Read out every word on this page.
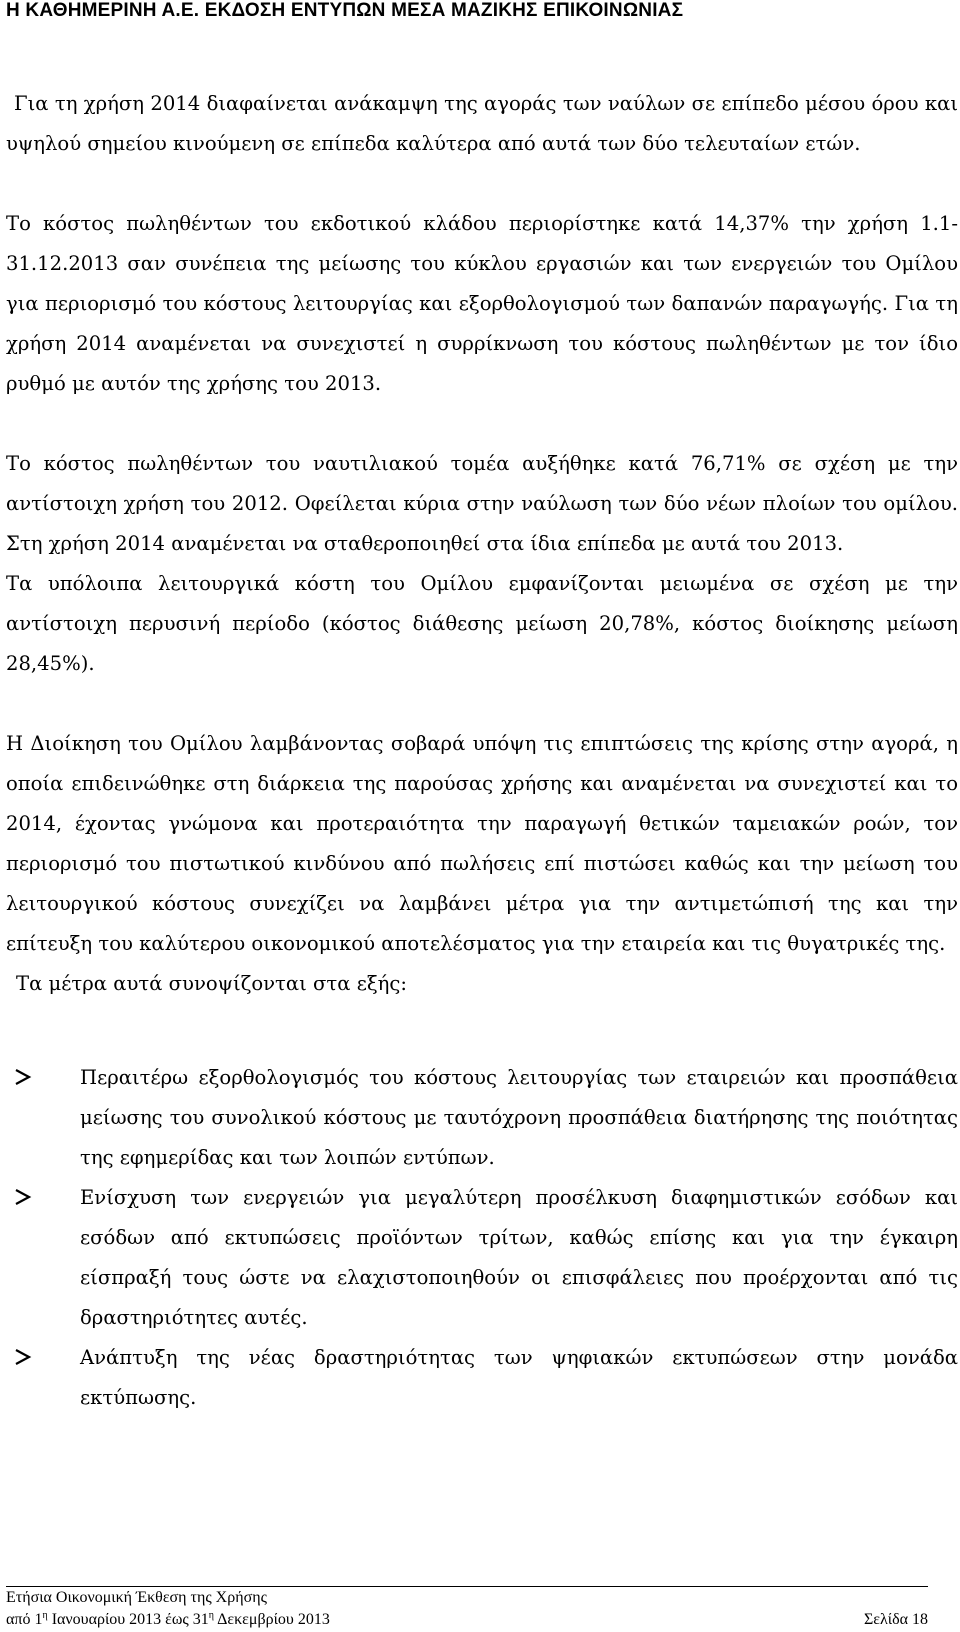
Η ΚΑΘΗΜΕΡΙΝΗ Α.Ε. ΕΚΔΟΣΗ ΕΝΤΥΠΩΝ ΜΕΣΑ ΜΑΖΙΚΗΣ ΕΠΙΚΟΙΝΩΝΙΑΣ

Για τη χρήση 2014 διαφαίνεται ανάκαμψη της αγοράς των ναύλων σε επίπεδο μέσου όρου και υψηλού σημείου κινούμενη σε επίπεδα καλύτερα από αυτά των δύο τελευταίων ετών.

Το κόστος πωληθέντων του εκδοτικού κλάδου περιορίστηκε κατά 14,37% την χρήση 1.1-31.12.2013 σαν συνέπεια της μείωσης του κύκλου εργασιών και των ενεργειών του Ομίλου για περιορισμό του κόστους λειτουργίας και εξορθολογισμού των δαπανών παραγωγής. Για τη χρήση 2014 αναμένεται να συνεχιστεί η συρρίκνωση του κόστους πωληθέντων με τον ίδιο ρυθμό με αυτόν της χρήσης του 2013.

Το κόστος πωληθέντων του ναυτιλιακού τομέα αυξήθηκε κατά 76,71% σε σχέση με την αντίστοιχη χρήση του 2012. Οφείλεται κύρια στην ναύλωση των δύο νέων πλοίων του ομίλου. Στη χρήση 2014 αναμένεται να σταθεροποιηθεί στα ίδια επίπεδα με αυτά του 2013.

Τα υπόλοιπα λειτουργικά κόστη του Ομίλου εμφανίζονται μειωμένα σε σχέση με την αντίστοιχη περυσινή περίοδο (κόστος διάθεσης μείωση 20,78%, κόστος διοίκησης μείωση 28,45%).

Η Διοίκηση του Ομίλου λαμβάνοντας σοβαρά υπόψη τις επιπτώσεις της κρίσης στην αγορά, η οποία επιδεινώθηκε στη διάρκεια της παρούσας χρήσης και αναμένεται να συνεχιστεί και το 2014, έχοντας γνώμονα και προτεραιότητα την παραγωγή θετικών ταμειακών ροών, τον περιορισμό του πιστωτικού κινδύνου από πωλήσεις επί πιστώσει καθώς και την μείωση του λειτουργικού κόστους συνεχίζει να λαμβάνει μέτρα για την αντιμετώπισή της και την επίτευξη του καλύτερου οικονομικού αποτελέσματος για την εταιρεία και τις θυγατρικές της.

Τα μέτρα αυτά συνοψίζονται στα εξής:

Περαιτέρω εξορθολογισμός του κόστους λειτουργίας των εταιρειών και προσπάθεια μείωσης του συνολικού κόστους με ταυτόχρονη προσπάθεια διατήρησης της ποιότητας της εφημερίδας και των λοιπών εντύπων.
Ενίσχυση των ενεργειών για μεγαλύτερη προσέλκυση διαφημιστικών εσόδων και εσόδων από εκτυπώσεις προϊόντων τρίτων, καθώς επίσης και για την έγκαιρη είσπραξή τους ώστε να ελαχιστοποιηθούν οι επισφάλειες που προέρχονται από τις δραστηριότητες αυτές.
Ανάπτυξη της νέας δραστηριότητας των ψηφιακών εκτυπώσεων στην μονάδα εκτύπωσης.
Ετήσια Οικονομική Έκθεση της Χρήσης
από $1^\eta$ Ιανουαρίου 2013 έως $31^\eta$ Δεκεμβρίου 2013	Σελίδα 18
